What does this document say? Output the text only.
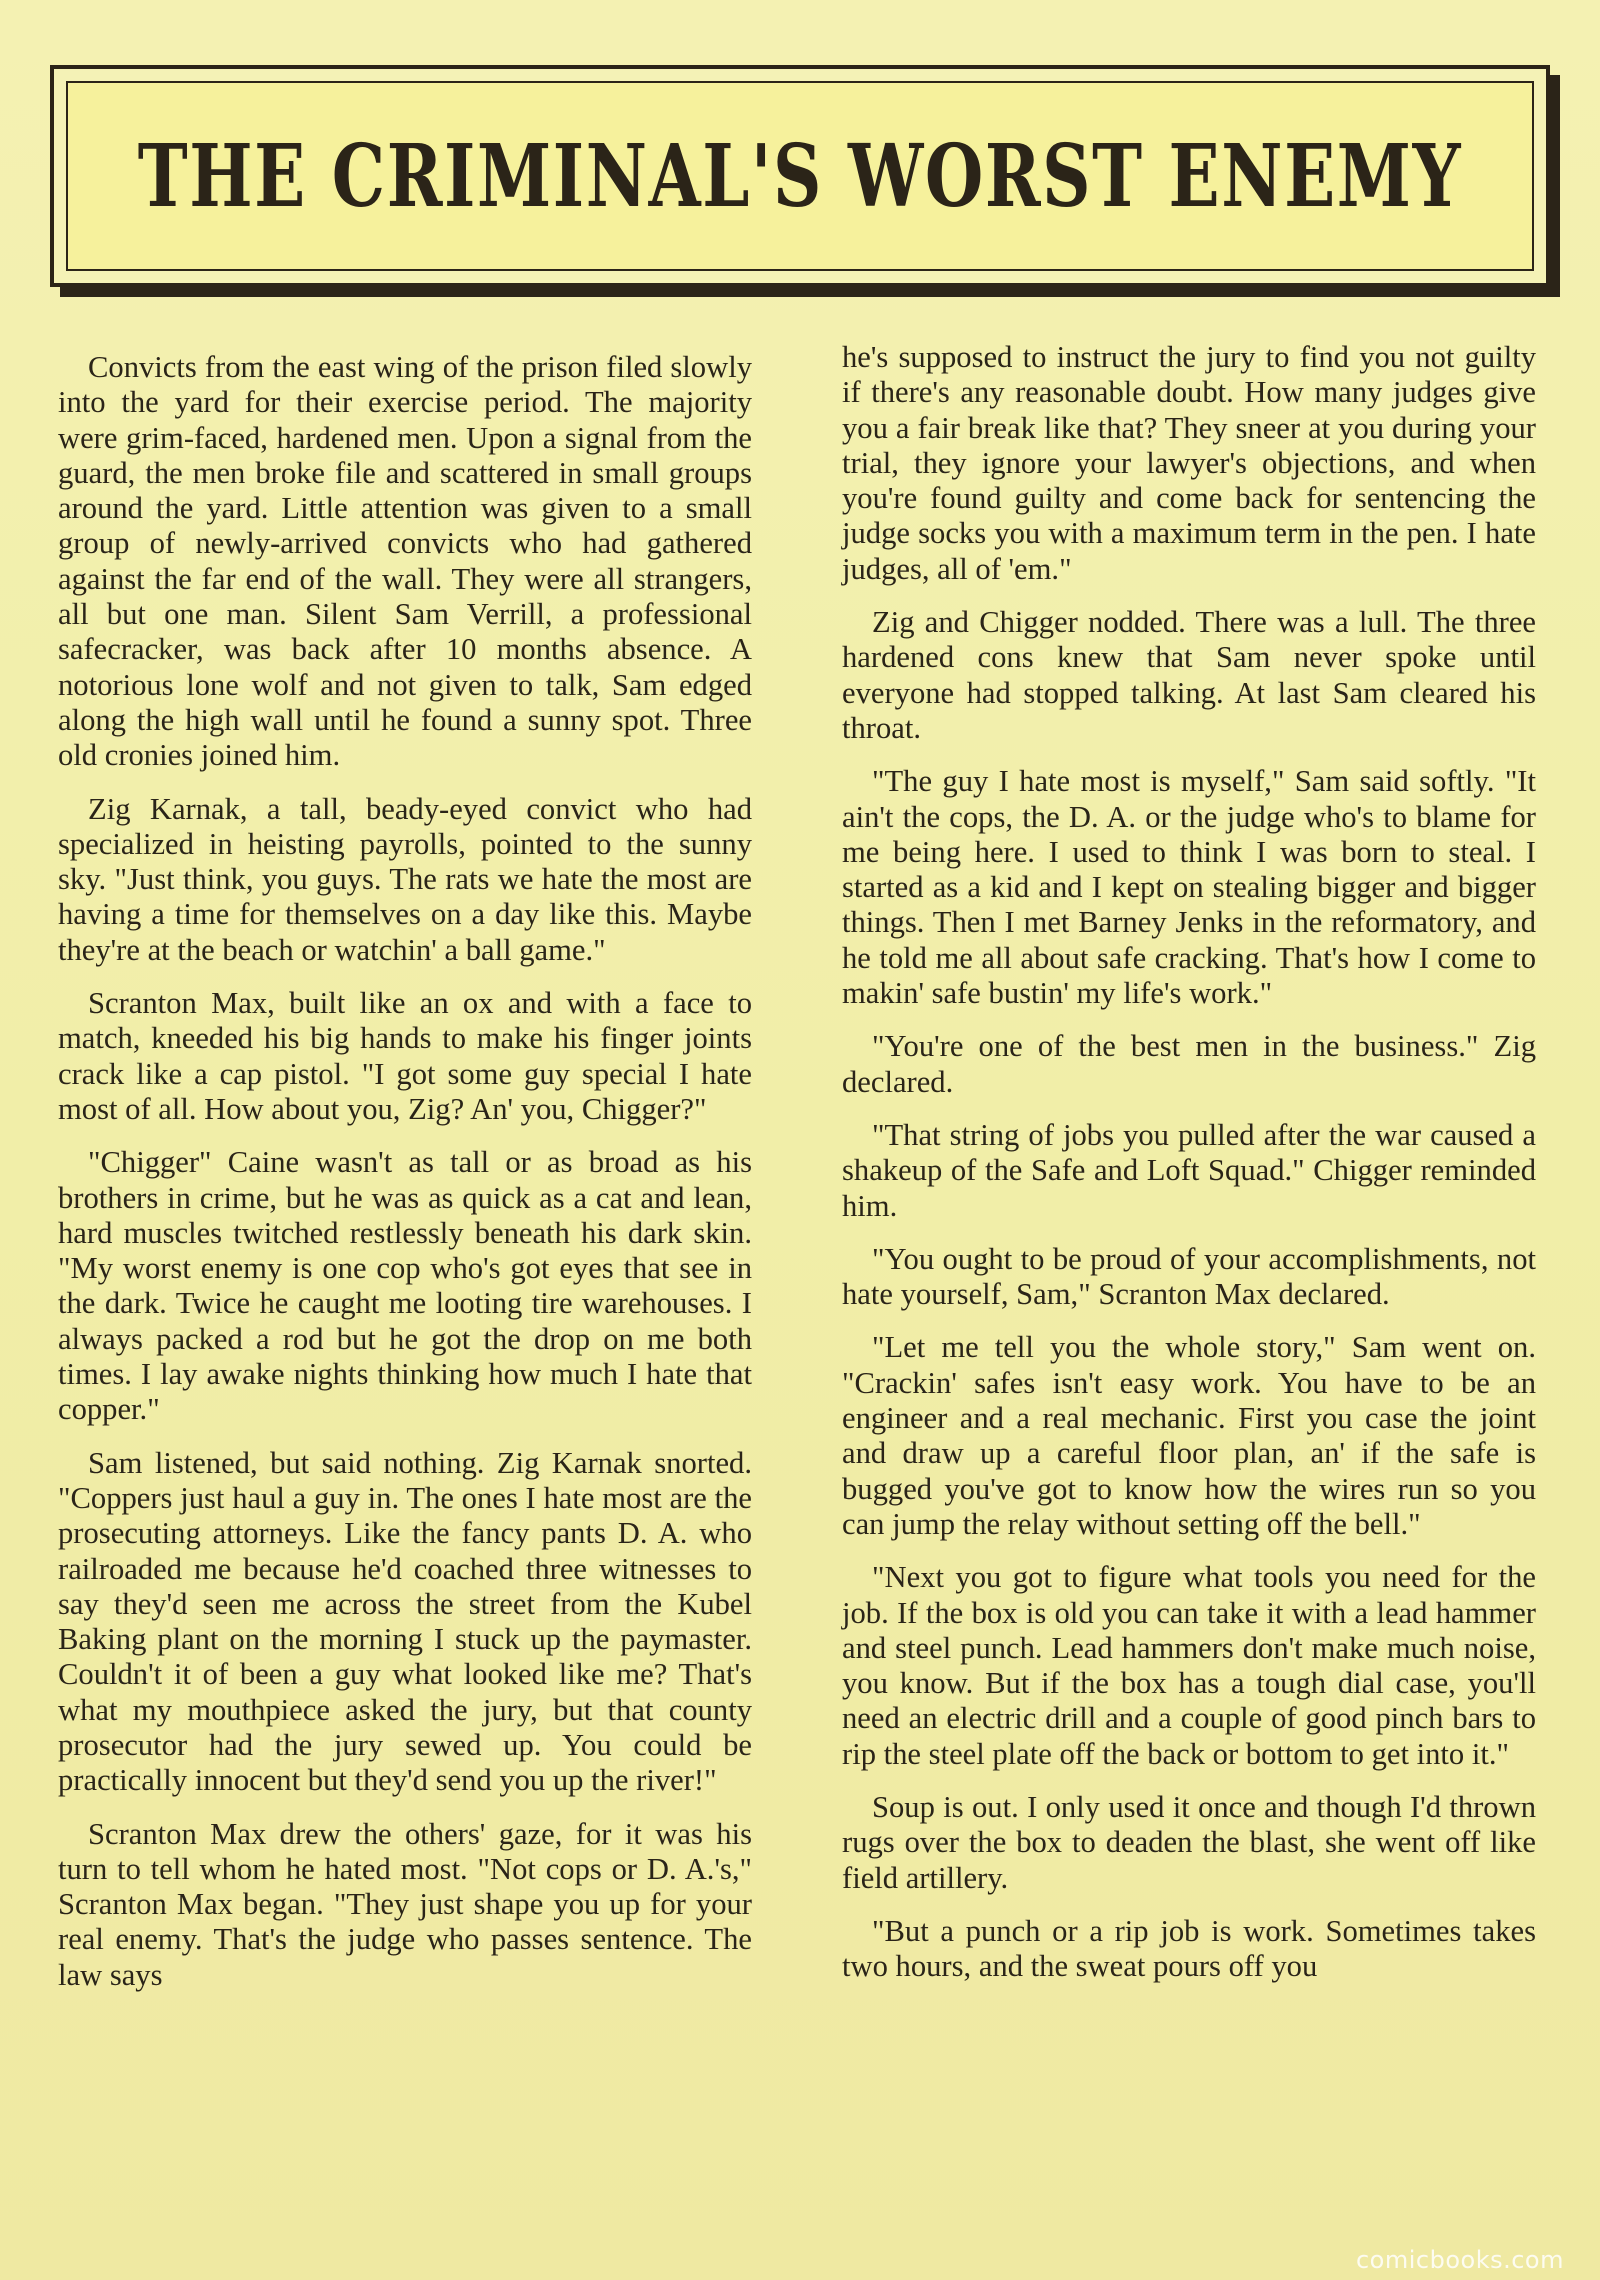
THE CRIMINAL'S WORST ENEMY

Convicts from the east wing of the prison filed slowly into the yard for their exercise period. The majority were grim-faced, hardened men. Upon a signal from the guard, the men broke file and scattered in small groups around the yard. Little attention was given to a small group of newly-arrived convicts who had gathered against the far end of the wall. They were all strangers, all but one man. Silent Sam Verrill, a professional safecracker, was back after 10 months absence. A notorious lone wolf and not given to talk, Sam edged along the high wall until he found a sunny spot. Three old cronies joined him.

Zig Karnak, a tall, beady-eyed convict who had specialized in heisting payrolls, pointed to the sunny sky. "Just think, you guys. The rats we hate the most are having a time for themselves on a day like this. Maybe they're at the beach or watchin' a ball game."

Scranton Max, built like an ox and with a face to match, kneeded his big hands to make his finger joints crack like a cap pistol. "I got some guy special I hate most of all. How about you, Zig? An' you, Chigger?"

"Chigger" Caine wasn't as tall or as broad as his brothers in crime, but he was as quick as a cat and lean, hard muscles twitched restlessly beneath his dark skin. "My worst enemy is one cop who's got eyes that see in the dark. Twice he caught me looting tire warehouses. I always packed a rod but he got the drop on me both times. I lay awake nights thinking how much I hate that copper."

Sam listened, but said nothing. Zig Karnak snorted. "Coppers just haul a guy in. The ones I hate most are the prosecuting attorneys. Like the fancy pants D. A. who railroaded me because he'd coached three witnesses to say they'd seen me across the street from the Kubel Baking plant on the morning I stuck up the paymaster. Couldn't it of been a guy what looked like me? That's what my mouthpiece asked the jury, but that county prosecutor had the jury sewed up. You could be practically innocent but they'd send you up the river!"

Scranton Max drew the others' gaze, for it was his turn to tell whom he hated most. "Not cops or D. A.'s," Scranton Max began. "They just shape you up for your real enemy. That's the judge who passes sentence. The law says

he's supposed to instruct the jury to find you not guilty if there's any reasonable doubt. How many judges give you a fair break like that? They sneer at you during your trial, they ignore your lawyer's objections, and when you're found guilty and come back for sentencing the judge socks you with a maximum term in the pen. I hate judges, all of 'em."

Zig and Chigger nodded. There was a lull. The three hardened cons knew that Sam never spoke until everyone had stopped talking. At last Sam cleared his throat.

"The guy I hate most is myself," Sam said softly. "It ain't the cops, the D. A. or the judge who's to blame for me being here. I used to think I was born to steal. I started as a kid and I kept on stealing bigger and bigger things. Then I met Barney Jenks in the reformatory, and he told me all about safe cracking. That's how I come to makin' safe bustin' my life's work."

"You're one of the best men in the business." Zig declared.

"That string of jobs you pulled after the war caused a shakeup of the Safe and Loft Squad." Chigger reminded him.

"You ought to be proud of your accomplishments, not hate yourself, Sam," Scranton Max declared.

"Let me tell you the whole story," Sam went on. "Crackin' safes isn't easy work. You have to be an engineer and a real mechanic. First you case the joint and draw up a careful floor plan, an' if the safe is bugged you've got to know how the wires run so you can jump the relay without setting off the bell."

"Next you got to figure what tools you need for the job. If the box is old you can take it with a lead hammer and steel punch. Lead hammers don't make much noise, you know. But if the box has a tough dial case, you'll need an electric drill and a couple of good pinch bars to rip the steel plate off the back or bottom to get into it."

Soup is out. I only used it once and though I'd thrown rugs over the box to deaden the blast, she went off like field artillery.

"But a punch or a rip job is work. Sometimes takes two hours, and the sweat pours off you

comicbooks.com
